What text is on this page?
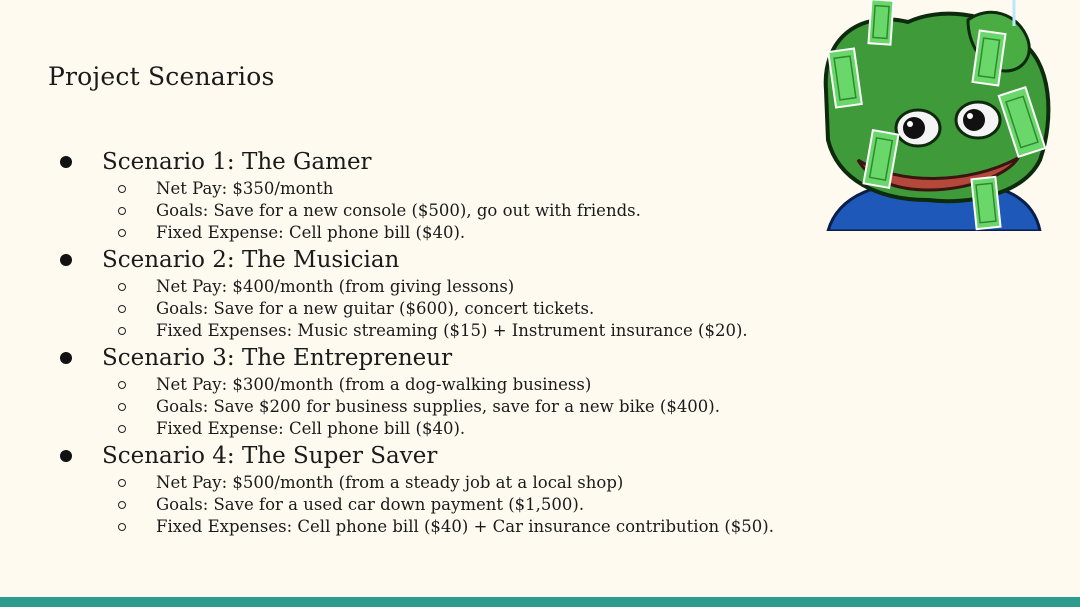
Project Scenarios
Scenario 1: The Gamer
Net Pay: $350/month
Goals: Save for a new console ($500), go out with friends.
Fixed Expense: Cell phone bill ($40).
Scenario 2: The Musician
Net Pay: $400/month (from giving lessons)
Goals: Save for a new guitar ($600), concert tickets.
Fixed Expenses: Music streaming ($15) + Instrument insurance ($20).
Scenario 3: The Entrepreneur
Net Pay: $300/month (from a dog-walking business)
Goals: Save $200 for business supplies, save for a new bike ($400).
Fixed Expense: Cell phone bill ($40).
Scenario 4: The Super Saver
Net Pay: $500/month (from a steady job at a local shop)
Goals: Save for a used car down payment ($1,500).
Fixed Expenses: Cell phone bill ($40) + Car insurance contribution ($50).
